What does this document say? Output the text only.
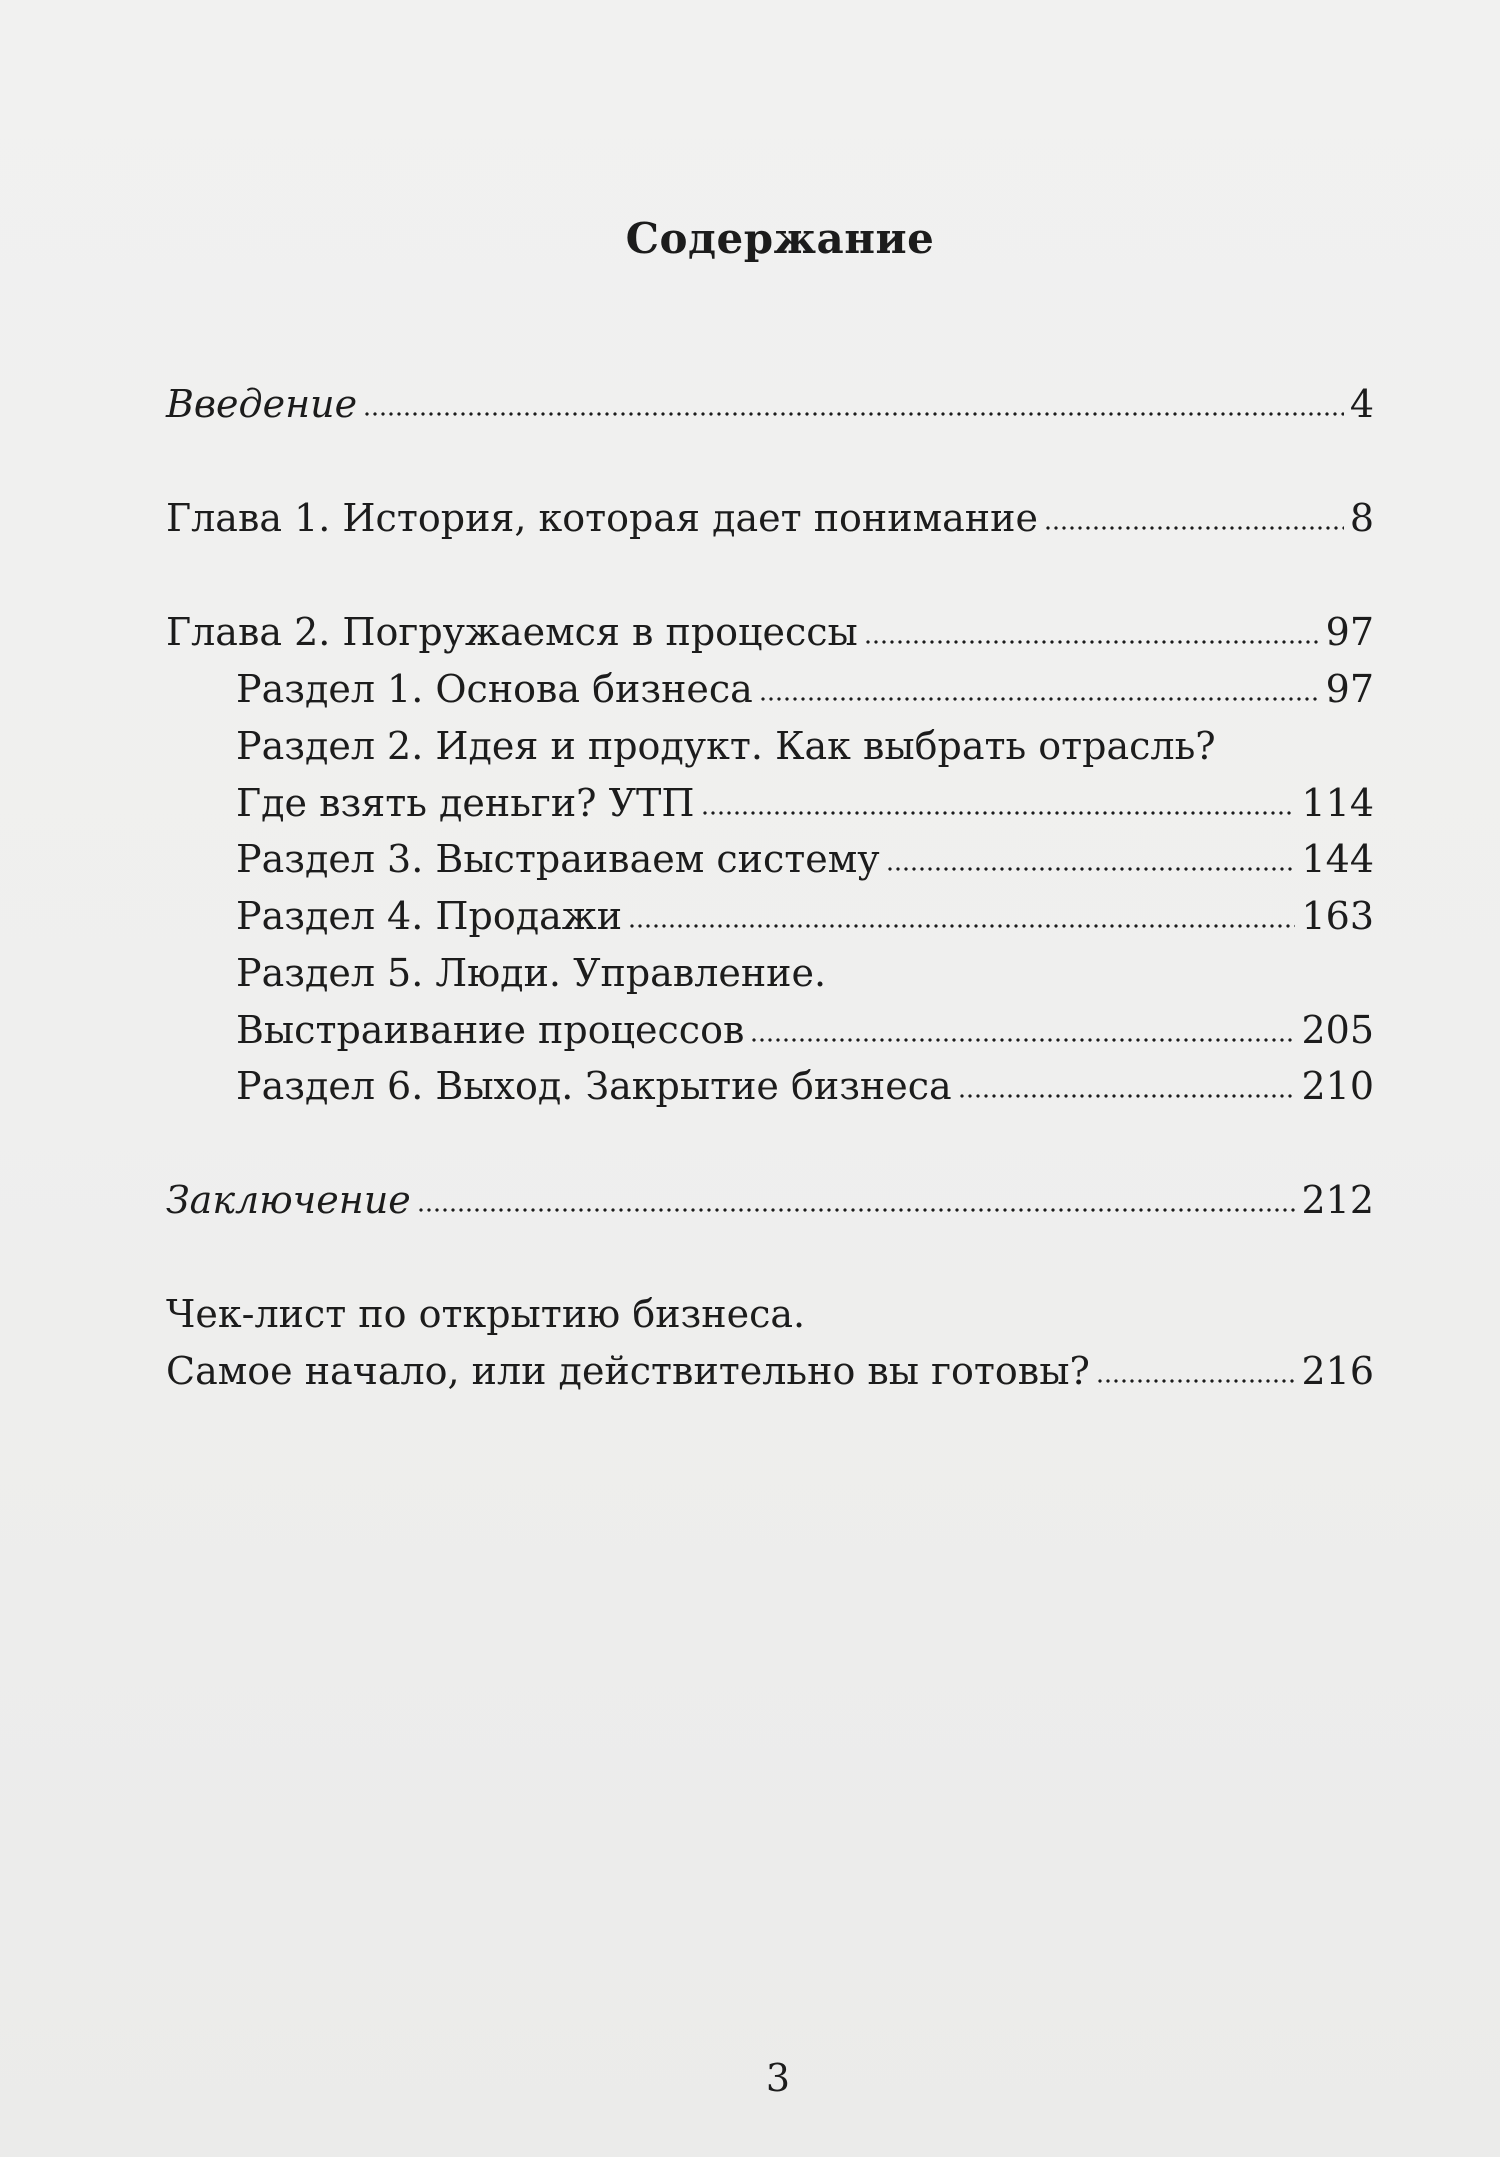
Содержание
Введение	4
Глава 1. История, которая дает понимание	8
Глава 2. Погружаемся в процессы	97
Раздел 1. Основа бизнеса	97
Раздел 2. Идея и продукт. Как выбрать отрасль?
Где взять деньги? УТП	114
Раздел 3. Выстраиваем систему	144
Раздел 4. Продажи	163
Раздел 5. Люди. Управление.
Выстраивание процессов	205
Раздел 6. Выход. Закрытие бизнеса	210
Заключение	212
Чек-лист по открытию бизнеса.
Самое начало, или действительно вы готовы?	216
3
